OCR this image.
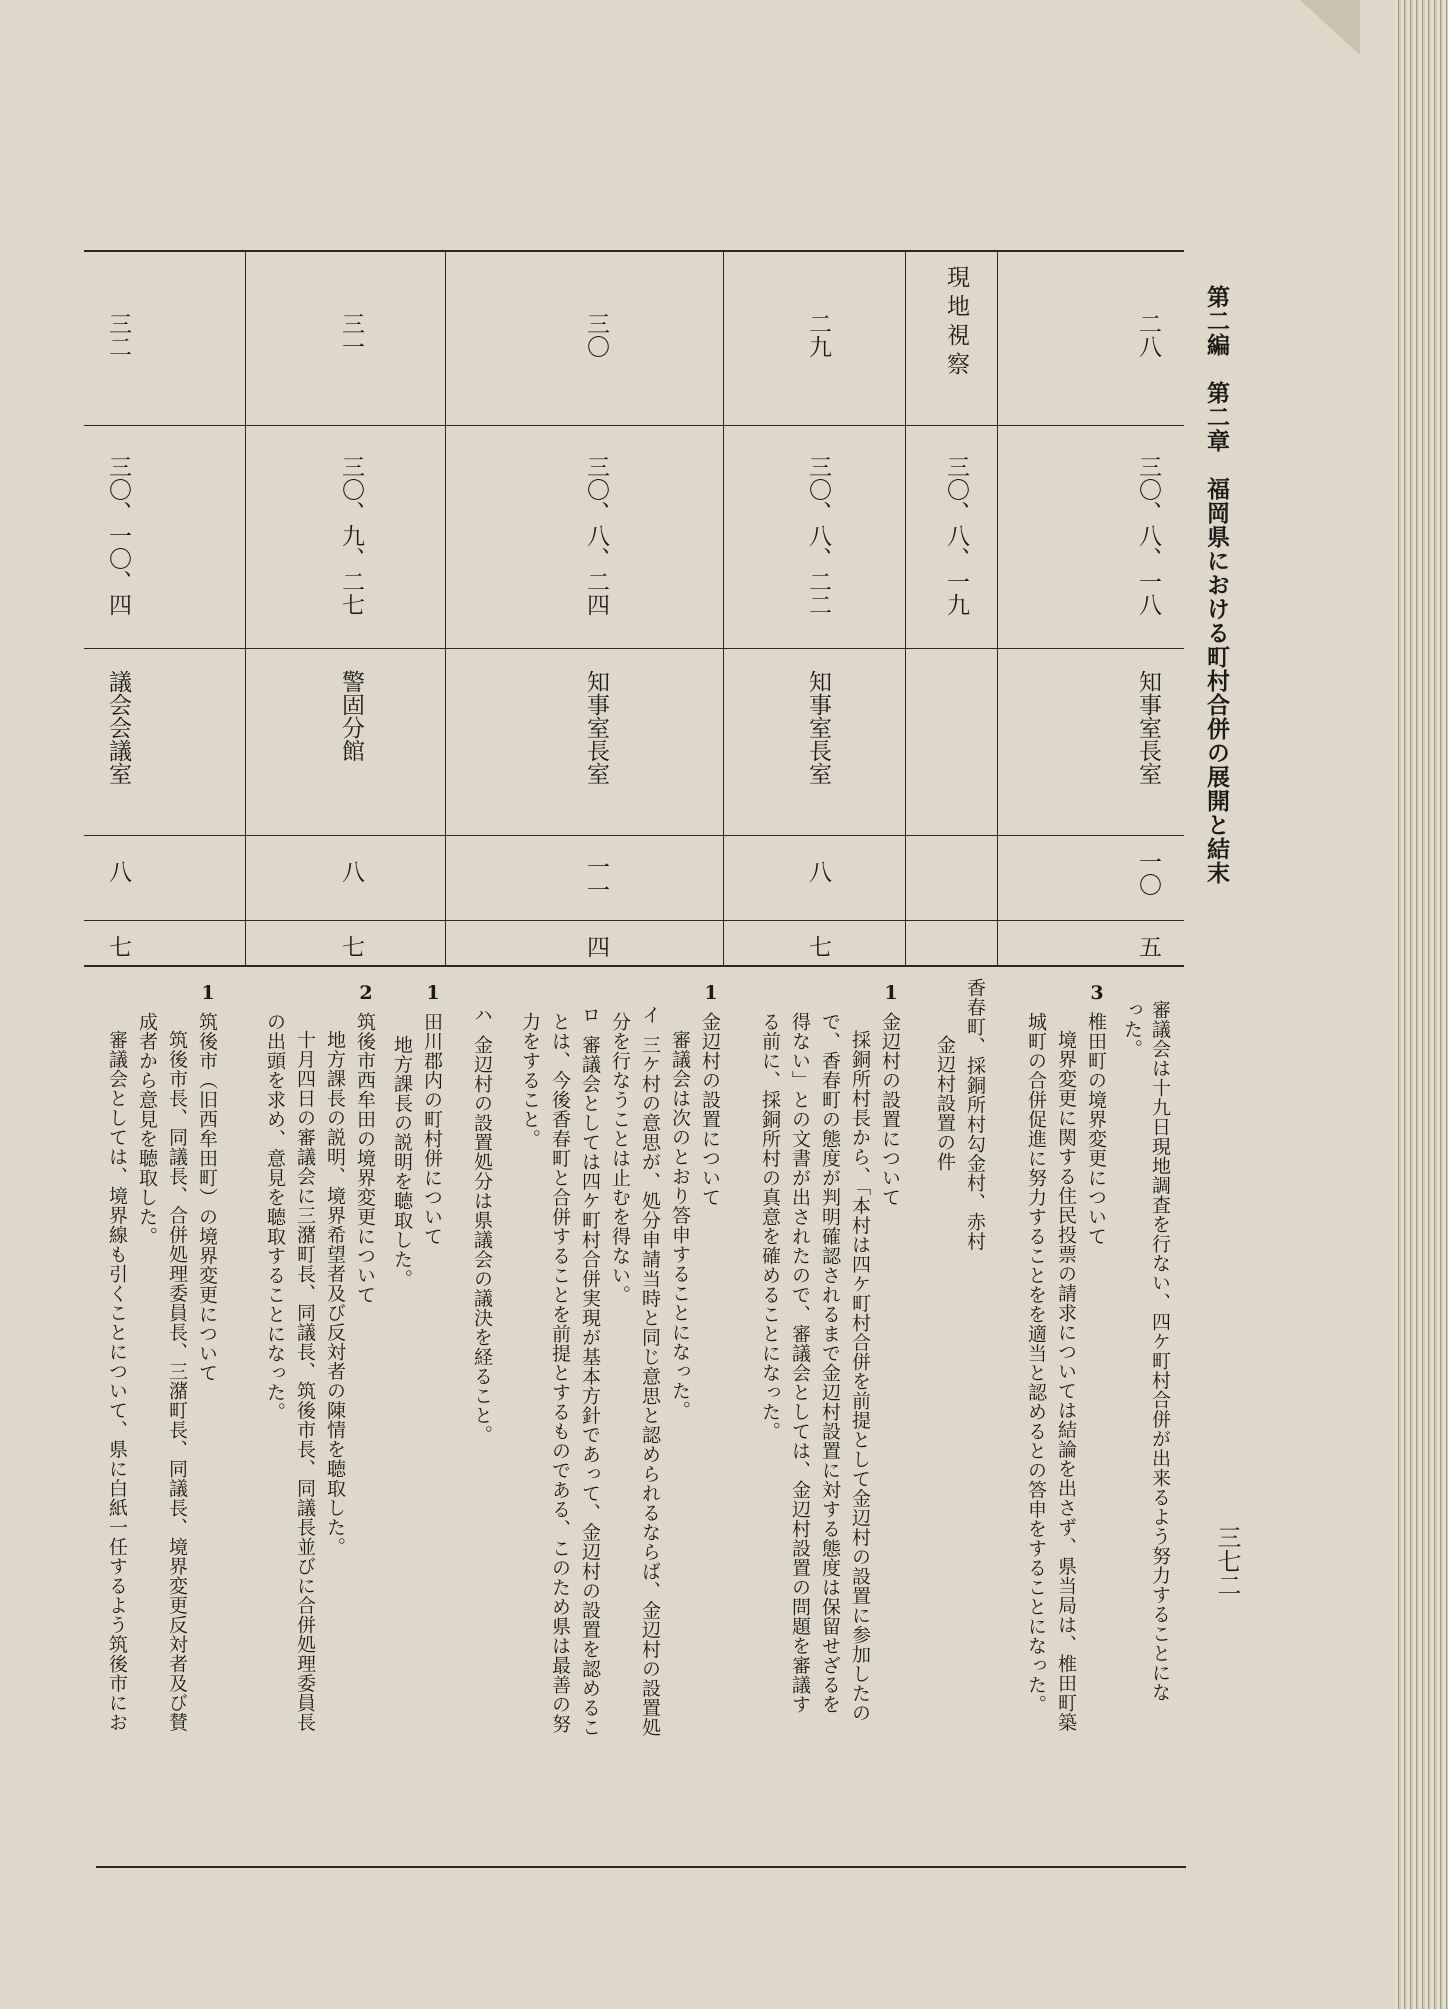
第二編　第二章　福岡県における町村合併の展開と結末
三七二
二八
三〇、八、一八
知事室長室
一〇
五
現地視察
三〇、八、一九
二九
三〇、八、二二
知事室長室
八
七
三〇
三〇、八、二四
知事室長室
一一
四
三一
三〇、九、二七
警固分館
八
七
三二
三〇、一〇、四
議会会議室
八
七
審議会は十九日現地調査を行ない、四ケ町村合併が出来るよう努力することにな
った。
3
椎田町の境界変更について
境界変更に関する住民投票の請求については結論を出さず、県当局は、椎田町築
城町の合併促進に努力することをを適当と認めるとの答申をすることになった。
香春町、採銅所村勾金村、赤村
金辺村設置の件
1
金辺村の設置について
採銅所村長から、「本村は四ケ町村合併を前提として金辺村の設置に参加したの
で、香春町の態度が判明確認されるまで金辺村設置に対する態度は保留せざるを
得ない」との文書が出されたので、審議会としては、金辺村設置の問題を審議す
る前に、採銅所村の真意を確めることになった。
1
金辺村の設置について
審議会は次のとおり答申することになった。
イ
三ケ村の意思が、処分申請当時と同じ意思と認められるならば、金辺村の設置処
分を行なうことは止むを得ない。
ロ
審議会としては四ケ町村合併実現が基本方針であって、金辺村の設置を認めるこ
とは、今後香春町と合併することを前提とするものである、このため県は最善の努
力をすること。
ハ
金辺村の設置処分は県議会の議決を経ること。
1
田川郡内の町村併について
地方課長の説明を聴取した。
2
筑後市西牟田の境界変更について
地方課長の説明、境界希望者及び反対者の陳情を聴取した。
十月四日の審議会に三潴町長、同議長、筑後市長、同議長並びに合併処理委員長
の出頭を求め、意見を聴取することになった。
1
筑後市（旧西牟田町）の境界変更について
筑後市長、同議長、合併処理委員長、三潴町長、同議長、境界変更反対者及び賛
成者から意見を聴取した。
審議会としては、境界線も引くことについて、県に白紙一任するよう筑後市にお
